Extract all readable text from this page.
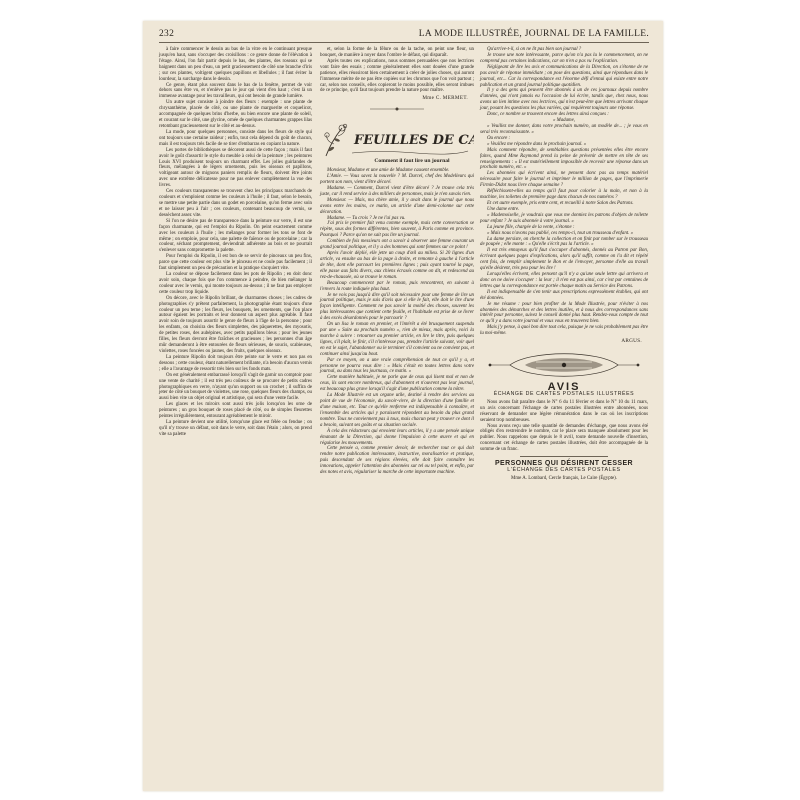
232	LA MODE ILLUSTRÉE, JOURNAL DE LA FAMILLE.

à faire commencer le dessin au bas de la vitre en le continuant presque jusqu'en haut, sans s'occuper des croisillons : ce genre donne de l'élévation à l'étage. Ainsi, l'on fait partir depuis le bas, des plantes, des roseaux qui se baignent dans un peu d'eau, un petit gracieusement de côté une branche d'iris ; sur ces plantes, voltigent quelques papillons et libellules ; il faut éviter la lourdeur, la surcharge dans le dessin.

Ce genre, étant plus souvent dans le bas de la fenêtre, permet de voir dehors sans être vu, et n'enlève pas le jour qui vient d'en haut ; c'est là un immense avantage pour les travailleurs, qui ont besoin de grande lumière.

Un autre sujet consiste à joindre des fleurs : exemple : une plante de chrysanthème, placée de côté, ou une plante de marguerite et coquelicot, accompagnée de quelques brins d'herbe, ou bien encore une plante de soleil, et courant sur le côté, une glycine, ornée de quelques charmantes grappes lilas retombant gracieusement sur le côté et au-dessus.

La mode, pour quelques personnes, consiste dans les fleurs de style qui ont toujours une certaine raideur ; enfin, tout cela dépend du goût de chacun, mais il est toujours très facile de se tirer d'embarras en copiant la nature.

Les portes de bibliothèques se décorent aussi de cette façon ; mais il faut avoir le goût d'assortir le style du meuble à celui de la peinture ; les peintures Louis XVI produisent toujours un charmant effet. Les jolies guirlandes de fleurs, mélangées à de légers ornements, puis les oiseaux et papillons, voltigeant autour de mignons paniers remplis de fleurs, doivent être joints avec une extrême délicatesse pour ne pas enlever complètement la vue des livres.

Ces couleurs transparentes se trouvent chez les principaux marchands de couleurs et s'emploient comme les couleurs à l'huile ; il faut, selon le besoin, se mettre une petite partie dans un godet en porcelaine, qu'on ferme avec soin et ne laisser peu à l'air ; ces couleurs, contenant beaucoup de vernis, se dessèchent assez vite.

Si l'on ne désire pas de transparence dans la peinture sur verre, il est une façon charmante, qui est l'emploi du Ripolin. On peint exactement comme avec les couleurs à l'huile ; les mélanges pour former les tons se font de même ; on emploie, pour cela, une palette de faïence ou de porcelaine ; car la couleur, séchant promptement, deviendrait adhérente au bois et ne pourrait s'enlever sans compromettre la palette.

Pour l'emploi du Ripolin, il est bon de se servir de pinceaux un peu fins, parce que cette couleur est plus vite le pinceau et ne coule pas facilement ; il faut simplement un peu de précaution et la pratique s'acquiert vite.

La couleur se dépose facilement dans les pots de Ripolin ; en doit donc avoir soin, chaque fois que l'on commence à peindre, de bien mélanger la couleur avec le vernis, qui monte toujours au-dessus ; il ne faut pas employer cette couleur trop liquide.

On décore, avec le Ripolin brillant, de charmantes choses ; les cadres de photographies s'y prêtent parfaitement, la photographie étant toujours d'une couleur un peu terne ; les fleurs, les bouquets, les ornements, que l'on place autour égaient les portraits et leur donnent un aspect plus agréable. Il faut avoir soin de toujours assortir le genre de fleurs à l'âge de la personne ; pour les enfants, on choisira des fleurs simplettes, des pâquerettes, des myosotis, de petites roses, des aubépines, avec petits papillons bleus ; pour les jeunes filles, les fleurs devront être fraîches et gracieuses ; les personnes d'un âge mûr demanderont à être entourées de fleurs sérieuses, de soucis, scabieuses, violettes, roses foncées ou jaunes, des fruits, quelques oiseaux.

La peinture Ripolin doit toujours être peinte sur le verre et non pas en dessous ; cette couleur, étant naturellement brillante, n'a besoin d'aucun vernis ; elle a l'avantage de ressortir très bien sur les fonds mats.

On est généralement embarrassé lorsqu'il s'agit de garnir un comptoir pour une vente de charité ; il est très peu coûteux de se procurer de petits cadres photographiques en verre, n'ayant qu'un support ou un crochet ; il suffira de jeter de côté un bouquet de violettes, une rose, quelques fleurs des champs, ou aussi bien vite un objet original et artistique, qui sera d'une vente facile.

Les glaces et les miroirs sont aussi très jolis lorsqu'on les orne de peintures ; un gros bouquet de roses placé de côté, ou de simples fleurettes peintes irrégulièrement, entourant agréablement le miroir.

La peinture devient une utilité, lorsqu'une glace est félée ou fendue ; on qu'il n'y trouve un défaut, soit dans le verre, soit dans l'étain ; alors, on prend vite sa palette

et, selon la forme de la fêlure ou de la tache, on peint une fleur, un bouquet, de manière à noyer dans l'ombre le défaut, qui disparaît.

Après toutes ces explications, nous sommes persuadées que nos lectrices vont faire des essais ; comme généralement elles sont douées d'une grande patience, elles réussiront bien certainement à créer de jolies choses, qui auront l'immense mérite de ne pas être copiées sur les chromos que l'on voit partout ; car, selon nos conseils, elles copieront le moins possible, elles seront imbues de ce principe, qu'il faut toujours prendre la nature pour maître.

Mme C. MERMET.
FEUILLES DE C
Comment il faut lire un journal

Monsieur, Madame et une amie de Madame causent ensemble.

L'Amie. — Vous savez la nouvelle ? M. Durcel, chef des Modelleurs qui portent son nom, vient d'être décoré.

Madame. — Comment, Durcel vient d'être décoré ? Je trouve cela très juste, car il rend service à des milliers de personnes, mais je n'en savais rien.

Monsieur. — Mais, ma chère amie, il y avait dans le journal que nous avons entre les mains, ce matin, un article d'une demi-colonne sur cette décoration.

Madame. — Tu crois ? Je ne l'ai pas vu.

J'ai pris le premier fait venu comme exemple, mais cette conversation se répète, sous des formes différentes, bien souvent, à Paris comme en province. Pourquoi ? Parce qu'on ne sait pas lire un journal.

Combien de fois messieurs ont a savoir à observer une femme courant un grand journal politique, et il y a des hommes qui sont femmes sur ce point !

Après l'avoir déplié, elle jette un coup d'œil au milieu. Si 20 lignes d'un article, va ensuite au bas de la page à droite, et remonte à gauche à l'article de tête, dont elle parcourt les premières lignes ; puis ayant tourné la page, elle passe aux faits divers, aux chiens écrasés comme on dit, et redescend au rez-de-chaussée, où se trouve le roman.

Beaucoup commencent par le roman, puis rencontrent, en suivant à l'envers la route indiquée plus haut.

Je ne vois pas jusqu'à dire qu'il soit nécessaire pour une femme de lire un journal politique, mais je suis d'avis que si elle le fait, elle doit le lire d'une façon intelligente. Comment ne pas savoir la moitié des choses, souvent les plus intéressantes que contient cette feuille, et l'habitude est prise de se livrer à des excès désordonnés pour le parcourir ?

On un lisa le roman en premier, et l'intérêt a été brusquement suspendu par une « Suite au prochain numéro », rien de mieux, mais après, voici la marche à suivre : retourner au premier article, en lire le titre, puis quelques lignes, s'il plaît, le finir, s'il n'intéresse pas, prendre l'article suivant, voir quel en est le sujet, l'abandonner ou le terminer s'il convient ou ne convient pas, et continuer ainsi jusqu'au bout.

Par ce moyen, on a une vraie compréhension de tout ce qu'il y a, et personne ne pourra vous dire : « Mais c'était en toutes lettres dans votre journal, ou dans tous les journaux, ce matin. »

Cette manière habituée, je ne parle que de ceux qui lisent mal et non de ceux, ils sont encore nombreux, qui d'abonnent et n'ouvrent pas leur journal, est beaucoup plus grave lorsqu'il s'agit d'une publication comme la nôtre.

La Mode Illustrée est un organe utile, destiné à rendre des services au point de vue de l'économie, du savoir-vivre, de la direction d'une famille et d'une maison, etc. Tout ce qu'elle renferme est indispensable à connaître, et l'ensemble des articles qui y paraissent répondent au besoin du plus grand nombre. Tous ne conviennent pas à tous, mais chacun peut y trouver ce dont il a besoin, suivant ses goûts et sa situation sociale.

À cela des rédacteurs qui envoient leurs articles, il y a une pensée unique émanant de la Direction, qui donne l'impulsion à cette œuvre et qui en régularise les mouvements.

Cette pensée a, comme premier devoir, de rechercher tout ce qui doit rendre notre publication intéressante, instructive, moralisatrice et pratique, puis descendant de ses régions élevées, elle doit faire connaître les innovations, appeler l'attention des abonnées sur tel ou tel point, et enfin, par des notes et avis, régulariser la marche de cette importante machine.

Qu'arrive-t-il, si on ne lit pas bien son journal ?

Je trouve une note intéressante, parce qu'on n'a pas lu le commencement, on ne comprend pas certaines indications, car on n'en a pas vu l'explication.

Négligeant de lire les avis et communications de la Direction, on s'étonne de ne pas avoir de réponse immédiate ; on pose des questions, ainsi que répondues dans le journal, etc... Car la correspondance est l'énorme défi d'ennui qui existe entre notre publication et un grand journal politique quotidien.

Il y a des gens qui peuvent être abonnés à un de ces journaux depuis nombre d'années, qui n'ont jamais eu l'occasion de lui écrire, tandis que, chez nous, nous avons un lien intime avec nos lectrices, qui n'est peut-être que lettres arrivant chaque jour, posant les questions les plus variées, qui requièrent toujours une réponse.

Donc, ce nombre se trouvent encore des lettres ainsi conçues :

« Madame,

« Veuillez me donner, dans votre prochain numéro, un modèle de... ; je vous en serai très reconnaissante. »

Ou encore :

« Veuillez me répondre dans le prochain journal. »

Mais comment répondre, de semblables questions présentées elles être encore faites, quand Mme Raymond prend la peine de prévenir de mettre en tête de ses renseignements : « Il est matériellement impossible de recevoir une réponse dans un prochain numéro, etc. »

Les abonnées qui écrivent ainsi, ne pensent donc pas au temps matériel nécessaire pour faire le journal et imprimer le million de pages, que l'imprimerie Firmin-Didot nous livre chaque semaine ?

Réfléchissent-elles au temps qu'il faut pour colorier à la main, et non à la machine, les toilettes de première page dans chacun de nos numéros ?

Et cet autre exemple, pris entre cent, et recueilli à notre Salon des Patrons.

Une dame entre.

« Mademoiselle, je voudrais que vous me donniez les patrons d'objets de toilette pour enfant ? Je suis abonnée à votre journal. »

La jeune fille, chargée de la vente, s'étonne :

« Mais nous n'avons pas publié, ces temps-ci, tout un trousseau d'enfant. »

La dame persiste, on cherche la collection et on finit par tomber sur le trousseau de poupée ; elle monte : « Qu'elle s'écrit pas la l'article. »

Il est très ennuyeux qu'il faut s'occuper d'abonnés, donnés au Patron par Bon, écrivant quelques pages d'explications, alors qu'il suffit, comme on l'a dit et répété cent fois, de remplir simplement le Bon et de l'envoyer, personne d'elle au travail qu'elle désirent, très peu pour les lire !

Lorsqu'elles écrivent, elles pensent qu'il n'y a qu'une seule lettre qui arrivera et donc on ne doive s'occuper : la leur ; il n'en est pas ainsi, car c'est par centaines de lettres que la correspondance est portée chaque matin au Service des Patrons.

Il est indispensable de s'en tenir aux prescriptions expressément établies, qui ont été données.

Je me résume : pour bien profiter de la Mode Illustrée, pour n'éviter à nos abonnées des démarches et des lettres inutiles, et à nous des correspondances sans intérêt pour personne, suivez le conseil donné plus haut. Rendez-vous compte de tout ce qu'il y a dans votre journal et vous vous en trouverez bien.

Mais j'y pense, à quoi bon dire tout cela, puisque je ne vais probablement pas être lu moi-même.

ARGUS.
AVIS
ÉCHANGE DE CARTES POSTALES ILLUSTRÉES

Nous avons fait paraître dans le N° 6 du 11 février et dans le N° 10 du 11 mars, un avis concernant l'échange de cartes postales illustrées entre abonnées, nous réservant de demander une légère rémunération dans le cas où les inscriptions seraient trop nombreuses.

Nous avons reçu une telle quantité de demandes d'échange, que nous avons été obligés d'en restreindre le nombre, car le place sera manquée absolument pour les publier. Nous rappelons que depuis le 8 avril, toute demande nouvelle d'insertion, concernant cet échange de cartes postales illustrées, doit être accompagnée de la somme de un franc.

PERSONNES QUI DÉSIRENT CESSER
L'ÉCHANGE DES CARTES POSTALES

Mme A. Lombard, Cercle français, Le Caire (Égypte).
